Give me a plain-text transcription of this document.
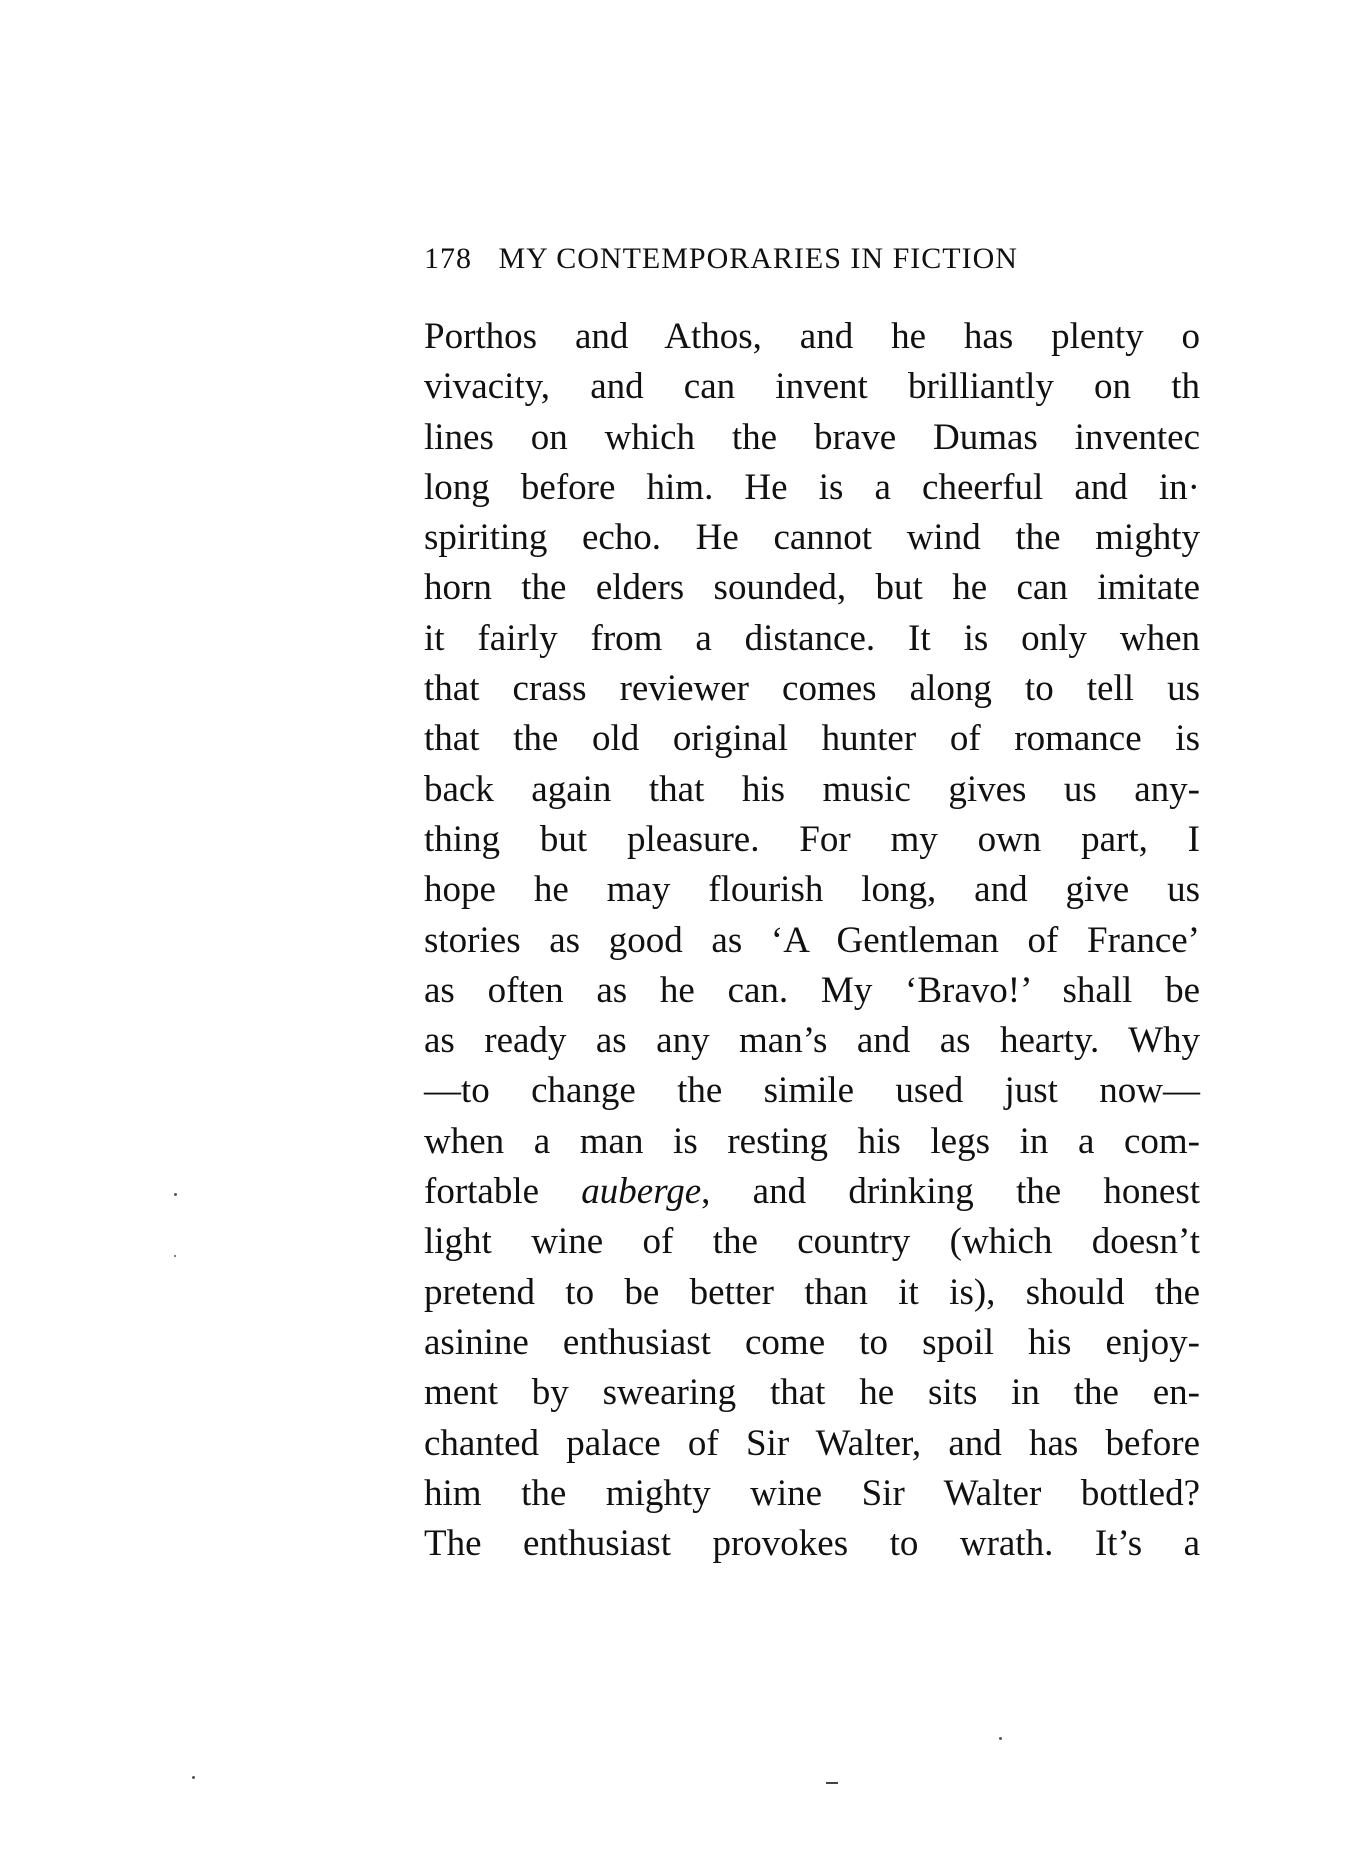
178 MY CONTEMPORARIES IN FICTION
Porthos and Athos, and he has plenty o
vivacity, and can invent brilliantly on th
lines on which the brave Dumas inventec
long before him. He is a cheerful and in·
spiriting echo. He cannot wind the mighty
horn the elders sounded, but he can imitate
it fairly from a distance. It is only when
that crass reviewer comes along to tell us
that the old original hunter of romance is
back again that his music gives us any-
thing but pleasure. For my own part, I
hope he may flourish long, and give us
stories as good as ‘A Gentleman of France’
as often as he can. My ‘Bravo!’ shall be
as ready as any man’s and as hearty. Why
—to change the simile used just now—
when a man is resting his legs in a com-
fortable auberge, and drinking the honest
light wine of the country (which doesn’t
pretend to be better than it is), should the
asinine enthusiast come to spoil his enjoy-
ment by swearing that he sits in the en-
chanted palace of Sir Walter, and has before
him the mighty wine Sir Walter bottled?
The enthusiast provokes to wrath. It’s a
